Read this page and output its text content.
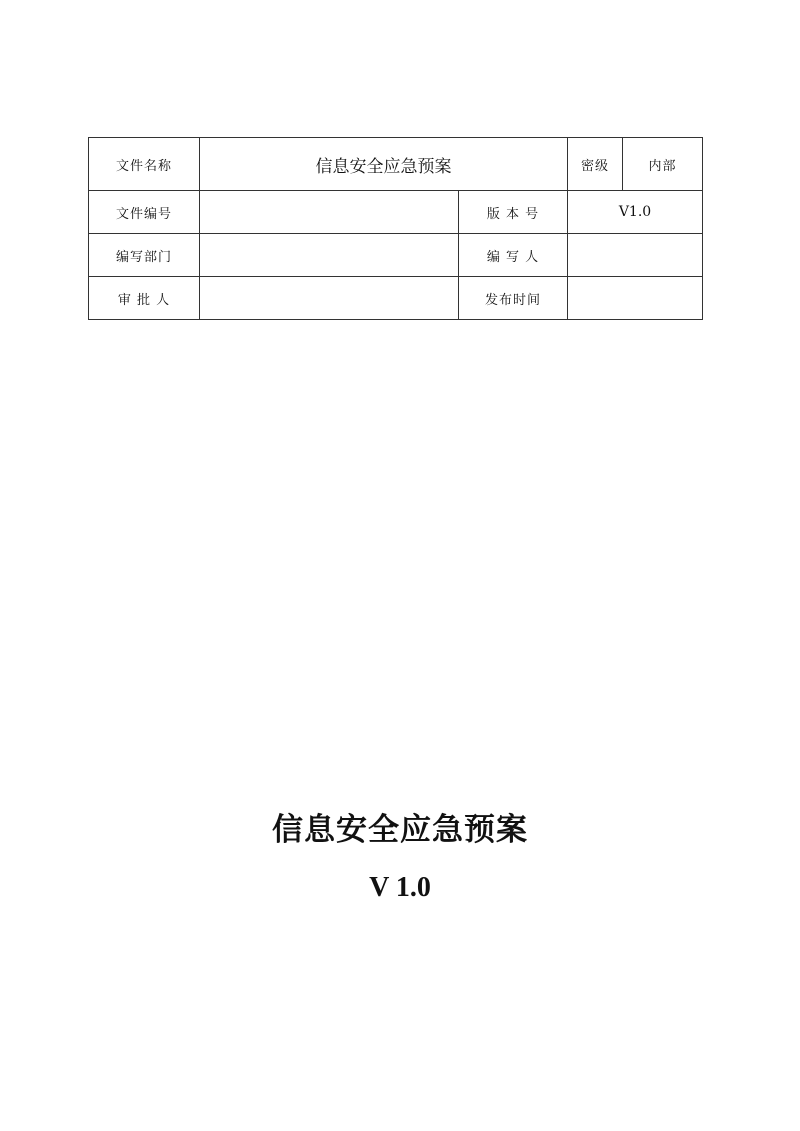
文件名称	信息安全应急预案		密级	内部
文件编号		版 本 号	V1.0	
编写部门		编 写 人		
审 批 人		发布时间		
信息安全应急预案
V 1.0
